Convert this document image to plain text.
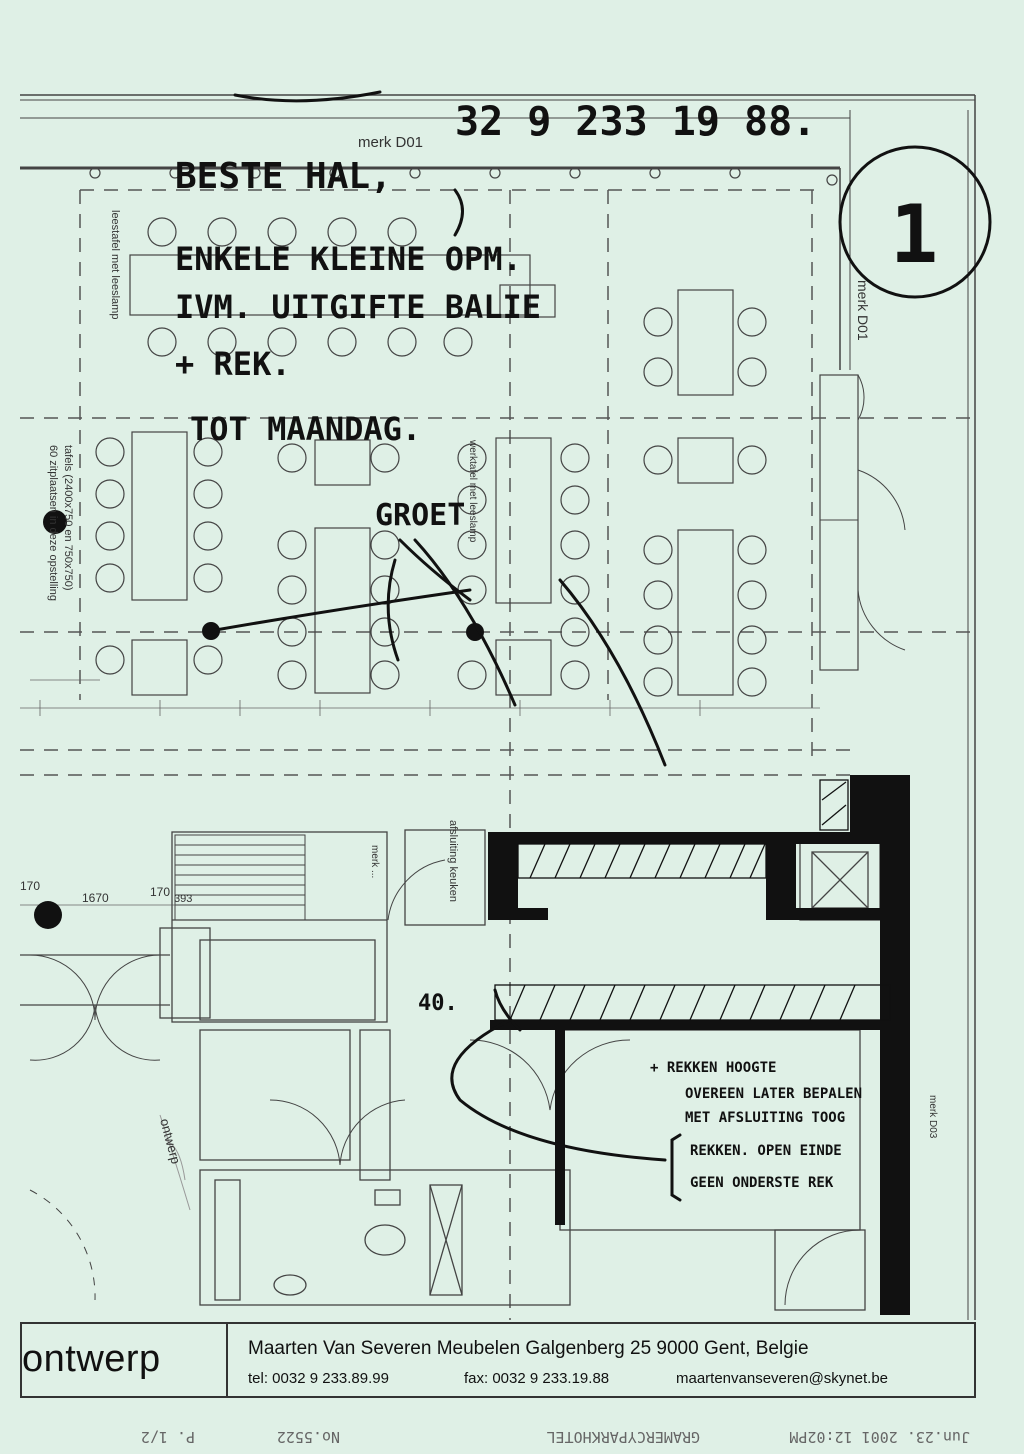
merk D01
merk D01
leestafel met leeslamp
tafels (2400x750 en 750x750)
60 zitplaatsen in deze opstelling	werktafel met leeslamp
merk ...	afsluiting keuken
merk D03
170
1670	170 393
ontwerp
32 9 233 19 88.
1
BESTE HAL,
ENKELE KLEINE OPM.
IVM. UITGIFTE BALIE
+ REK.
TOT MAANDAG.
GROET
40.
+ REKKEN HOOGTE
OVEREEN LATER BEPALEN
MET AFSLUITING TOOG
REKKEN. OPEN EINDE
GEEN ONDERSTE REK
ontwerp	Maarten Van Severen Meubelen Galgenberg 25 9000 Gent, Belgie
tel: 0032 9 233.89.99	fax: 0032 9 233.19.88	maartenvanseveren@skynet.be
Jun.23. 2001 12:02PM
GRAMERCYPARKHOTEL
No.5522
P. 1/2
